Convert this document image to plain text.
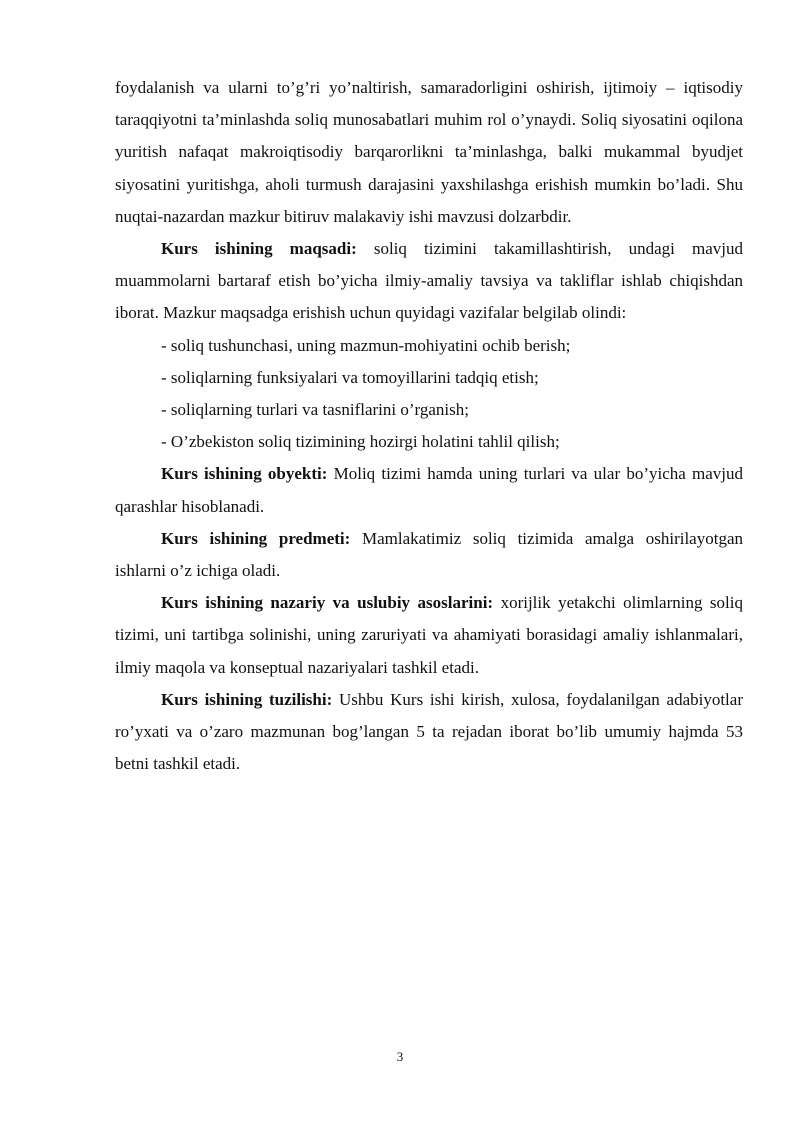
foydalanish va ularni to’g’ri yo’naltirish, samaradorligini oshirish, ijtimoiy – iqtisodiy taraqqiyotni ta’minlashda soliq munosabatlari muhim rol o’ynaydi. Soliq siyosatini oqilona yuritish nafaqat makroiqtisodiy barqarorlikni ta’minlashga, balki mukammal byudjet siyosatini yuritishga, aholi turmush darajasini yaxshilashga erishish mumkin bo’ladi. Shu nuqtai-nazardan mazkur bitiruv malakaviy ishi mavzusi dolzarbdir.

Kurs ishining maqsadi: soliq tizimini takamillashtirish, undagi mavjud muammolarni bartaraf etish bo’yicha ilmiy-amaliy tavsiya va takliflar ishlab chiqishdan iborat. Mazkur maqsadga erishish uchun quyidagi vazifalar belgilab olindi:

- soliq tushunchasi, uning mazmun-mohiyatini ochib berish;

- soliqlarning funksiyalari va tomoyillarini tadqiq etish;

- soliqlarning turlari va tasniflarini o’rganish;

- O’zbekiston soliq tizimining hozirgi holatini tahlil qilish;

Kurs ishining obyekti: Moliq tizimi hamda uning turlari va ular bo’yicha mavjud qarashlar hisoblanadi.

Kurs ishining predmeti: Mamlakatimiz soliq tizimida amalga oshirilayotgan ishlarni o’z ichiga oladi.

Kurs ishining nazariy va uslubiy asoslarini: xorijlik yetakchi olimlarning soliq tizimi, uni tartibga solinishi, uning zaruriyati va ahamiyati borasidagi amaliy ishlanmalari, ilmiy maqola va konseptual nazariyalari tashkil etadi.

Kurs ishining tuzilishi: Ushbu Kurs ishi kirish, xulosa, foydalanilgan adabiyotlar ro’yxati va o’zaro mazmunan bog’langan 5 ta rejadan iborat bo’lib umumiy hajmda 53 betni tashkil etadi.

3
